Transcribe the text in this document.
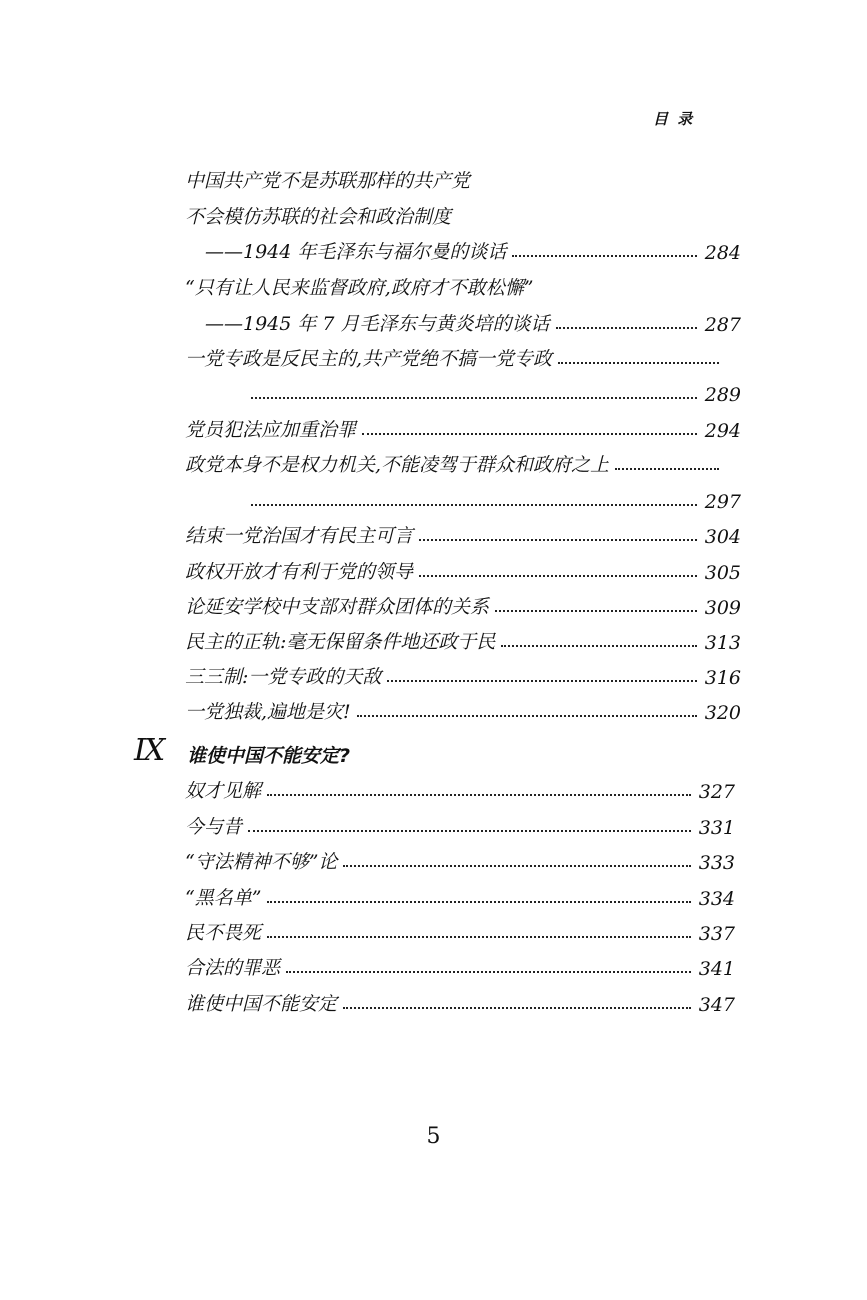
目 录
中国共产党不是苏联那样的共产党
不会模仿苏联的社会和政治制度
——1944 年毛泽东与福尔曼的谈话	284
“只有让人民来监督政府,政府才不敢松懈”
——1945 年 7 月毛泽东与黄炎培的谈话	287
一党专政是反民主的,共产党绝不搞一党专政
289
党员犯法应加重治罪	294
政党本身不是权力机关,不能凌驾于群众和政府之上
297
结束一党治国才有民主可言	304
政权开放才有利于党的领导	305
论延安学校中支部对群众团体的关系	309
民主的正轨:毫无保留条件地还政于民	313
三三制:一党专政的天敌	316
一党独裁,遍地是灾!	320
IX 谁使中国不能安定?
奴才见解	327
今与昔	331
“守法精神不够”论	333
“黑名单”	334
民不畏死	337
合法的罪恶	341
谁使中国不能安定	347
5
